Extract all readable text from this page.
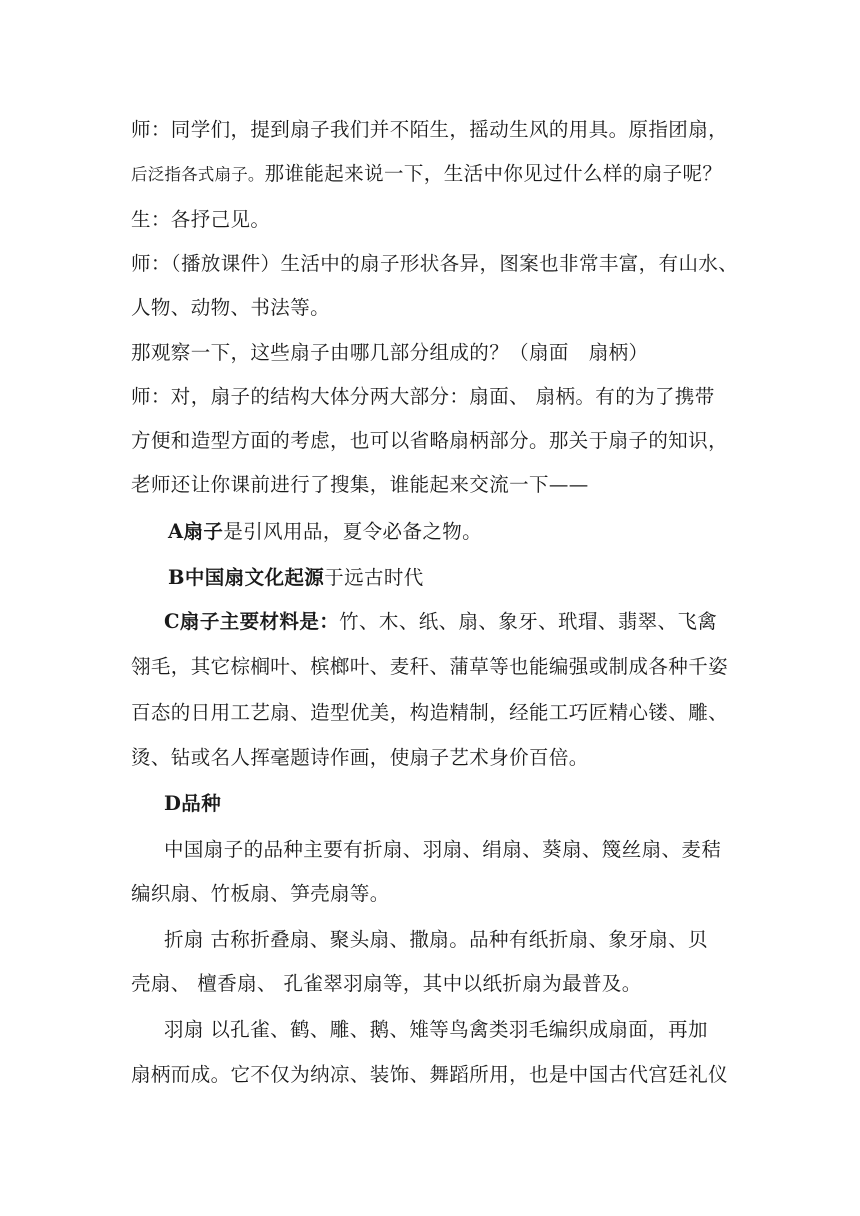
师：同学们，提到扇子我们并不陌生，摇动生风的用具。原指团扇，
后泛指各式扇子。那谁能起来说一下，生活中你见过什么样的扇子呢？
生：各抒己见。
师：（播放课件）生活中的扇子形状各异，图案也非常丰富，有山水、
人物、动物、书法等。
那观察一下，这些扇子由哪几部分组成的？（扇面　扇柄）
师：对，扇子的结构大体分两大部分：扇面、 扇柄。有的为了携带
方便和造型方面的考虑，也可以省略扇柄部分。那关于扇子的知识，
老师还让你课前进行了搜集，谁能起来交流一下——
A扇子是引风用品，夏令必备之物。
B中国扇文化起源于远古时代
C扇子主要材料是：竹、木、纸、扇、象牙、玳瑁、翡翠、飞禽
翎毛，其它棕榈叶、槟榔叶、麦秆、蒲草等也能编强或制成各种千姿
百态的日用工艺扇、造型优美，构造精制，经能工巧匠精心镂、雕、
烫、钻或名人挥毫题诗作画，使扇子艺术身价百倍。
D品种
中国扇子的品种主要有折扇、羽扇、绢扇、葵扇、篾丝扇、麦秸
编织扇、竹板扇、笋壳扇等。
折扇 古称折叠扇、聚头扇、撒扇。品种有纸折扇、象牙扇、贝
壳扇、 檀香扇、 孔雀翠羽扇等，其中以纸折扇为最普及。
羽扇 以孔雀、鹤、雕、鹅、雉等鸟禽类羽毛编织成扇面，再加
扇柄而成。它不仅为纳凉、装饰、舞蹈所用，也是中国古代宫廷礼仪
